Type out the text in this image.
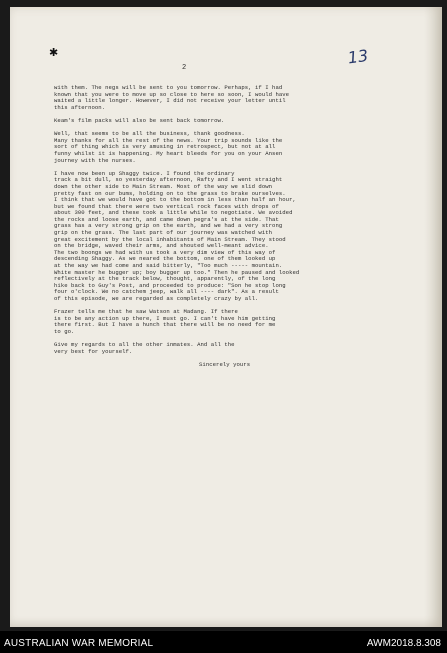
✱	13
2

with them. The negs will be sent to you tomorrow. Perhaps, if I had
known that you were to move up so close to here so soon, I would have
waited a little longer. However, I did not receive your letter until
this afternoon.

Keam's film packs will also be sent back tomorrow.

Well, that seems to be all the business, thank goodness.
Many thanks for all the rest of the news. Your trip sounds like the
sort of thing which is very amusing in retrospect, but not at all
funny whilst it is happening. My heart bleeds for you on your Ansen
journey with the nurses.

I have now been up Shaggy twice. I found the ordinary
track a bit dull, so yesterday afternoon, Rafty and I went straight
down the other side to Main Stream. Most of the way we slid down
pretty fast on our bums, holding on to the grass to brake ourselves.
I think that we would have got to the bottom in less than half an hour,
but we found that there were two vertical rock faces with drops of
about 300 feet, and these took a little while to negotiate. We avoided
the rocks and loose earth, and came down pegra's at the side. That
grass has a very strong grip on the earth, and we had a very strong
grip on the grass. The last part of our journey was watched with
great excitement by the local inhabitants of Main Stream. They stood
on the bridge, waved their arms, and shouted well-meant advice.
The two boongs we had with us took a very dim view of this way of
descending Shaggy. As we neared the bottom, one of them looked up
at the way we had come and said bitterly, "Too much ----- mountain.
White master he bugger up; boy bugger up too." Then he paused and looked
reflectively at the track below, thought, apparently, of the long
hike back to Guy's Post, and proceeded to produce: "Son he stop long
four o'clock. We no catchem jeep, walk all ---- dark". As a result
of this episode, we are regarded as completely crazy by all.

Frazer tells me that he saw Watson at Madang. If there
is to be any action up there, I must go. I can't have him getting
there first. But I have a hunch that there will be no need for me
to go.

Give my regards to all the other inmates. And all the
very best for yourself.

Sincerely yours

AUSTRALIAN WAR MEMORIAL	AWM2018.8.308
